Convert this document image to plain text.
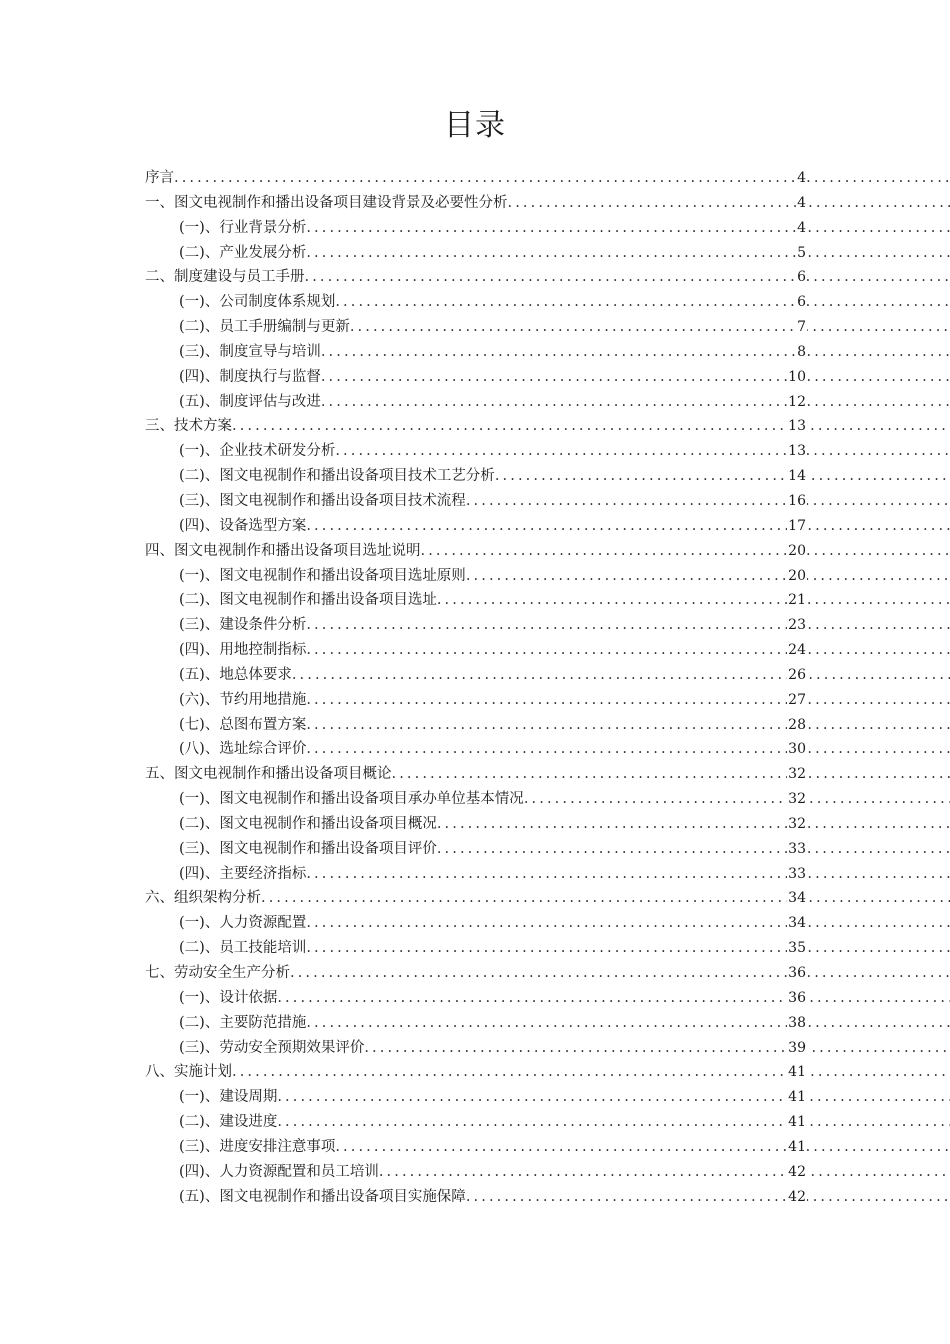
目录
序言 .....	4
一、图文电视制作和播出设备项目建设背景及必要性分析 .....	4
(一)、行业背景分析 .....	4
(二)、产业发展分析 .....	5
二、制度建设与员工手册 .....	6
(一)、公司制度体系规划 .....	6
(二)、员工手册编制与更新 .....	7
(三)、制度宣导与培训 .....	8
(四)、制度执行与监督 .....	10
(五)、制度评估与改进 .....	12
三、技术方案 .....	13
(一)、企业技术研发分析 .....	13
(二)、图文电视制作和播出设备项目技术工艺分析 .....	14
(三)、图文电视制作和播出设备项目技术流程 .....	16
(四)、设备选型方案 .....	17
四、图文电视制作和播出设备项目选址说明 .....	20
(一)、图文电视制作和播出设备项目选址原则 .....	20
(二)、图文电视制作和播出设备项目选址 .....	21
(三)、建设条件分析 .....	23
(四)、用地控制指标 .....	24
(五)、地总体要求 .....	26
(六)、节约用地措施 .....	27
(七)、总图布置方案 .....	28
(八)、选址综合评价 .....	30
五、图文电视制作和播出设备项目概论 .....	32
(一)、图文电视制作和播出设备项目承办单位基本情况 .....	32
(二)、图文电视制作和播出设备项目概况 .....	32
(三)、图文电视制作和播出设备项目评价 .....	33
(四)、主要经济指标 .....	33
六、组织架构分析 .....	34
(一)、人力资源配置 .....	34
(二)、员工技能培训 .....	35
七、劳动安全生产分析 .....	36
(一)、设计依据 .....	36
(二)、主要防范措施 .....	38
(三)、劳动安全预期效果评价 .....	39
八、实施计划 .....	41
(一)、建设周期 .....	41
(二)、建设进度 .....	41
(三)、进度安排注意事项 .....	41
(四)、人力资源配置和员工培训 .....	42
(五)、图文电视制作和播出设备项目实施保障 .....	42
